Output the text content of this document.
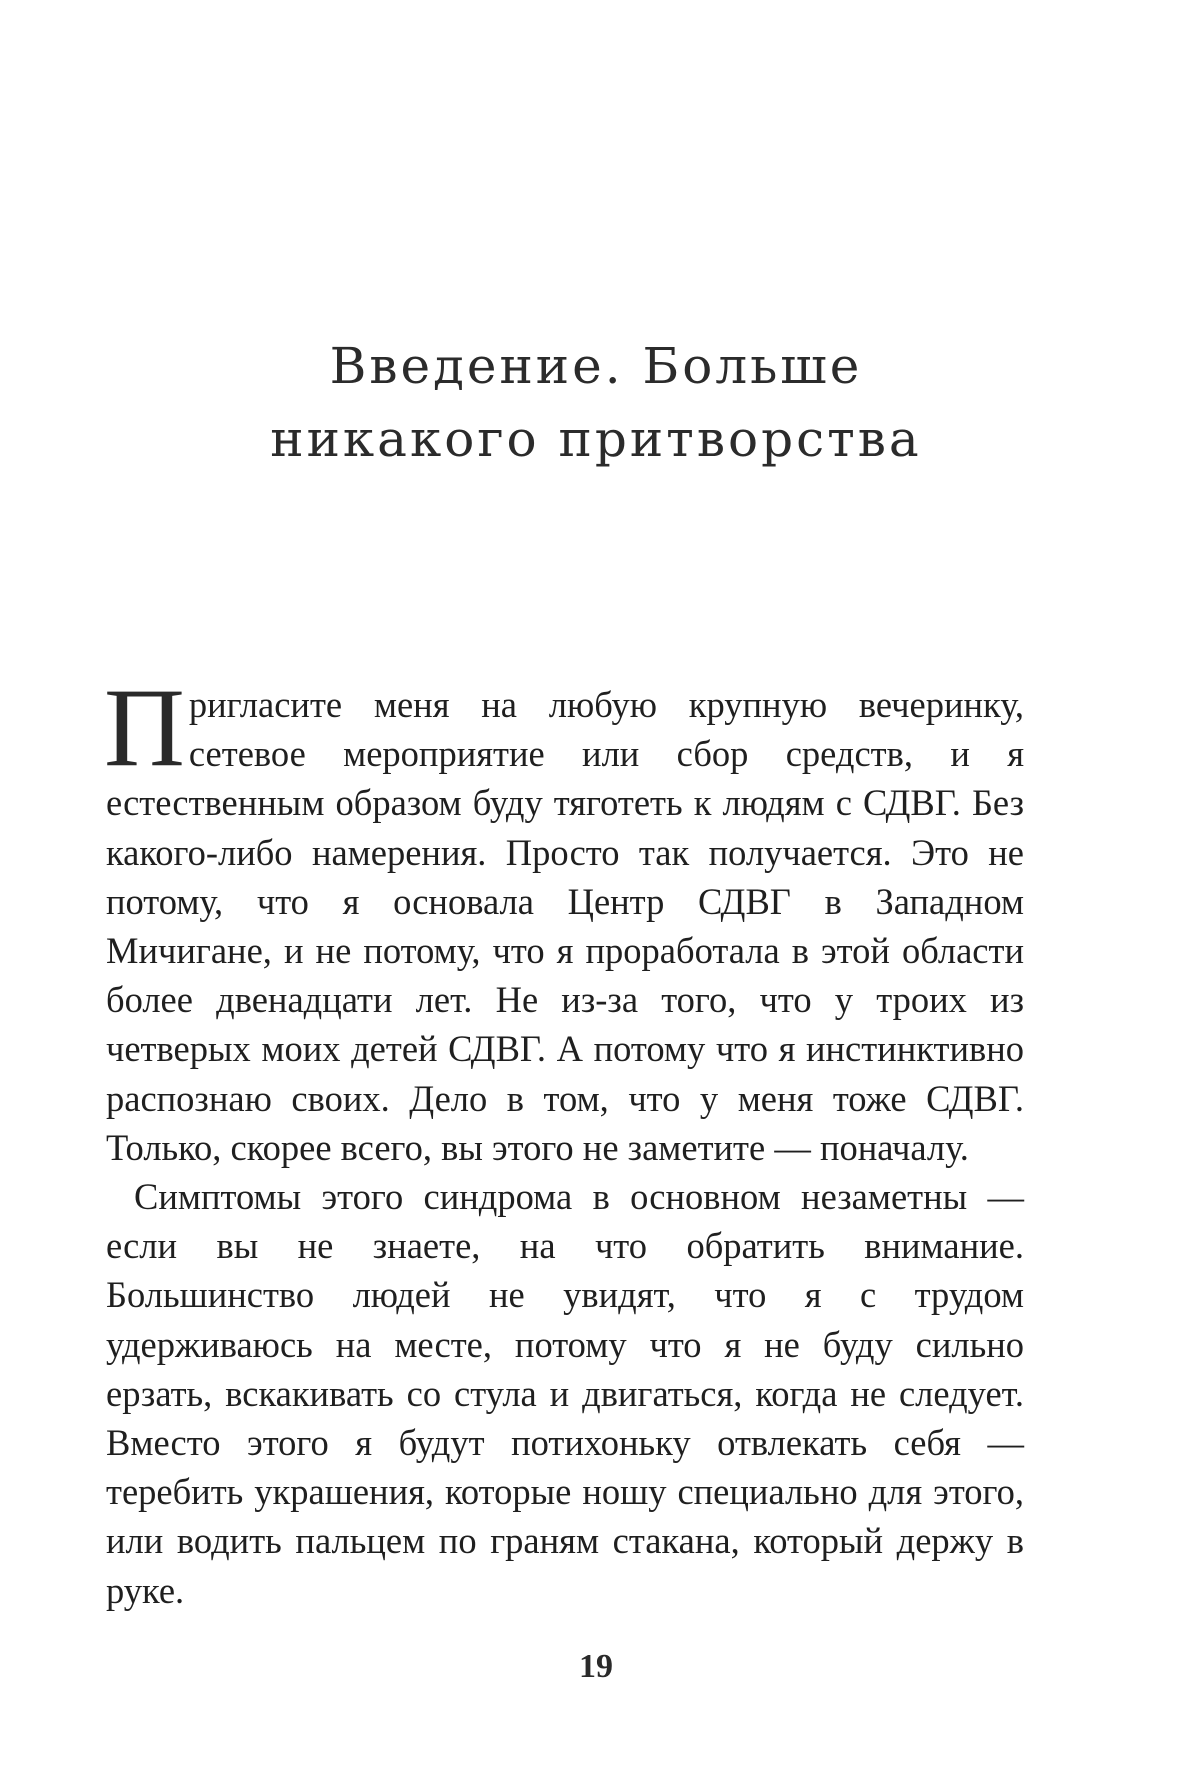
Введение. Больше
никакого притворства

Пригласите меня на любую крупную вечеринку, сетевое мероприятие или сбор средств, и я естественным образом буду тяготеть к людям с СДВГ. Без какого-либо намерения. Просто так получается. Это не потому, что я основала Центр СДВГ в Западном Мичигане, и не потому, что я проработала в этой области более двенадцати лет. Не из-за того, что у троих из четверых моих детей СДВГ. А потому что я инстинктивно распознаю своих. Дело в том, что у меня тоже СДВГ. Только, скорее всего, вы этого не заметите — поначалу.

Симптомы этого синдрома в основном незаметны — если вы не знаете, на что обратить внимание. Большинство людей не увидят, что я с трудом удерживаюсь на месте, потому что я не буду сильно ерзать, вскакивать со стула и двигаться, когда не следует. Вместо этого я будут потихоньку отвлекать себя — теребить украшения, которые ношу специально для этого, или водить пальцем по граням стакана, который держу в руке.

19
